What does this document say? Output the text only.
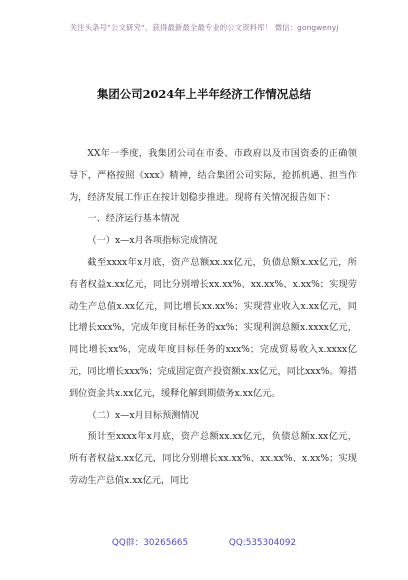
关注头条号“公文研究”，获得最新最全最专业的公文资料库！ 微信：gongwenyj
集团公司2024年上半年经济工作情况总结

XX年一季度，我集团公司在市委、市政府以及市国资委的正确领导下，严格按照《xxx》精神，结合集团公司实际，抢抓机遇、担当作为，经济发展工作正在按计划稳步推进。现将有关情况报告如下：

一、经济运行基本情况

（一）x—x月各项指标完成情况

截至xxxx年x月底，资产总额xx.xx亿元，负债总额x.xx亿元，所有者权益x.xx亿元，同比分别增长xx.xx%、xx.xx%、x.xx%；实现劳动生产总值x.xx亿元，同比增长xx.xx%；实现营业收入x.xx亿元，同比增长xxx%，完成年度目标任务的xx%；实现利润总额x.xxxx亿元，同比增长xx%，完成年度目标任务的xxx%；完成贸易收入x.xxxx亿元，同比增长xxx%；完成固定资产投资额x.xx亿元，同比xxx%。筹措到位资金共x.xx亿元，缓释化解到期债务x.xx亿元。

（二）x—x月目标预测情况

预计至xxxx年x月底，资产总额xx.xx亿元，负债总额x.xx亿元，所有者权益x.xx亿元，同比分别增长xx.xx%、xx.xx%、x.xx%；实现劳动生产总值x.xx亿元，同比

QQ群：30265665	QQ:535304092
